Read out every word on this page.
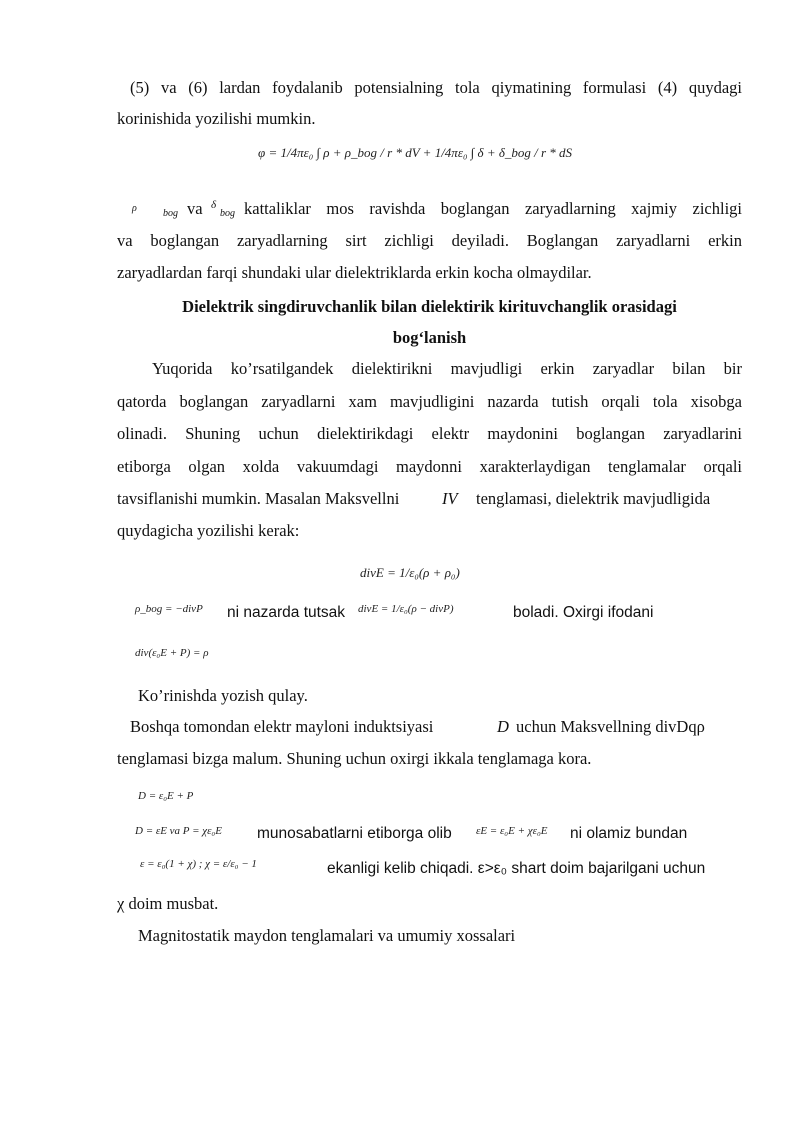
(5) va (6) lardan foydalanib potensialning tola qiymatining formulasi (4) quydagi
korinishida yozilishi mumkin.
φ = 1/4πε₀ ∫ ρ + ρ_bog / r * dV + 1/4πε₀ ∫ δ + δ_bog / r * dS
ρ	bog va δ
bog kattaliklar mos ravishda boglangan zaryadlarning xajmiy zichligi
va boglangan zaryadlarning sirt zichligi deyiladi. Boglangan zaryadlarni erkin
zaryadlardan farqi shundaki ular dielektriklarda erkin kocha olmaydilar.
Dielektrik singdiruvchanlik bilan dielektirik kirituvchanglik orasidagi
bog‘lanish
Yuqorida ko’rsatilgandek dielektirikni mavjudligi erkin zaryadlar bilan bir
qatorda boglangan zaryadlarni xam mavjudligini nazarda tutish orqali tola xisobga
olinadi. Shuning uchun dielektirikdagi elektr maydonini boglangan zaryadlarini
etiborga olgan xolda vakuumdagi maydonni xarakterlaydigan tenglamalar orqali
tavsiflanishi mumkin. Masalan Maksvellni	IV tenglamasi, dielektrik mavjudligida
quydagicha yozilishi kerak:
divE = 1/ε₀(ρ + ρ₀)
ρ_bog = −divP ni nazarda tutsak divE = 1/ε₀(ρ − divP)	boladi. Oxirgi ifodani
div(ε₀E + P) = ρ
Ko’rinishda yozish qulay.
Boshqa tomondan elektr mayloni induktsiyasi	D uchun Maksvellning divDqρ
tenglamasi bizga malum. Shuning uchun oxirgi ikkala tenglamaga kora.
D = ε₀E + P
D = εE va P = χε₀E munosabatlarni etiborga olib εE = ε₀E + χε₀E ni olamiz bundan
ε = ε₀(1 + χ) ; χ = ε/ε₀ − 1	ekanligi kelib chiqadi. ε>ε₀ shart doim bajarilgani uchun
χ doim musbat.
Magnitostatik maydon tenglamalari va umumiy xossalari
